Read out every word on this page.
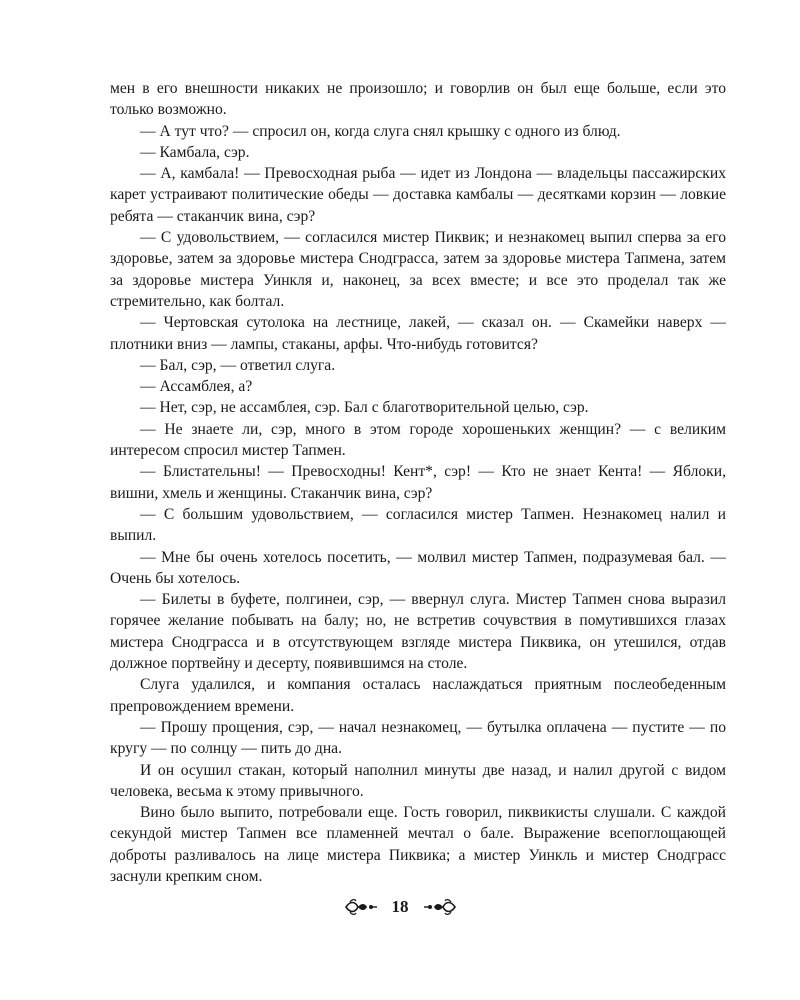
мен в его внешности никаких не произошло; и говорлив он был еще больше, если это только возможно.

— А тут что? — спросил он, когда слуга снял крышку с одного из блюд.

— Камбала, сэр.

— А, камбала! — Превосходная рыба — идет из Лондона — владельцы пассажирских карет устраивают политические обеды — доставка камбалы — десятками корзин — ловкие ребята — стаканчик вина, сэр?

— С удовольствием, — согласился мистер Пиквик; и незнакомец выпил сперва за его здоровье, затем за здоровье мистера Снодграсса, затем за здоровье мистера Тапмена, затем за здоровье мистера Уинкля и, наконец, за всех вместе; и все это проделал так же стремительно, как болтал.

— Чертовская сутолока на лестнице, лакей, — сказал он. — Скамейки наверх — плотники вниз — лампы, стаканы, арфы. Что-нибудь готовится?

— Бал, сэр, — ответил слуга.

— Ассамблея, а?

— Нет, сэр, не ассамблея, сэр. Бал с благотворительной целью, сэр.

— Не знаете ли, сэр, много в этом городе хорошеньких женщин? — с великим интересом спросил мистер Тапмен.

— Блистательны! — Превосходны! Кент*, сэр! — Кто не знает Кента! — Яблоки, вишни, хмель и женщины. Стаканчик вина, сэр?

— С большим удовольствием, — согласился мистер Тапмен. Незнакомец налил и выпил.

— Мне бы очень хотелось посетить, — молвил мистер Тапмен, подразумевая бал. — Очень бы хотелось.

— Билеты в буфете, полгинеи, сэр, — ввернул слуга. Мистер Тапмен снова выразил горячее желание побывать на балу; но, не встретив сочувствия в помутившихся глазах мистера Снодграсса и в отсутствующем взгляде мистера Пиквика, он утешился, отдав должное портвейну и десерту, появившимся на столе.

Слуга удалился, и компания осталась наслаждаться приятным послеобеденным препровождением времени.

— Прошу прощения, сэр, — начал незнакомец, — бутылка оплачена — пустите — по кругу — по солнцу — пить до дна.

И он осушил стакан, который наполнил минуты две назад, и налил другой с видом человека, весьма к этому привычного.

Вино было выпито, потребовали еще. Гость говорил, пиквикисты слушали. С каждой секундой мистер Тапмен все пламенней мечтал о бале. Выражение всепоглощающей доброты разливалось на лице мистера Пиквика; а мистер Уинкль и мистер Снодграсс заснули крепким сном.

18
